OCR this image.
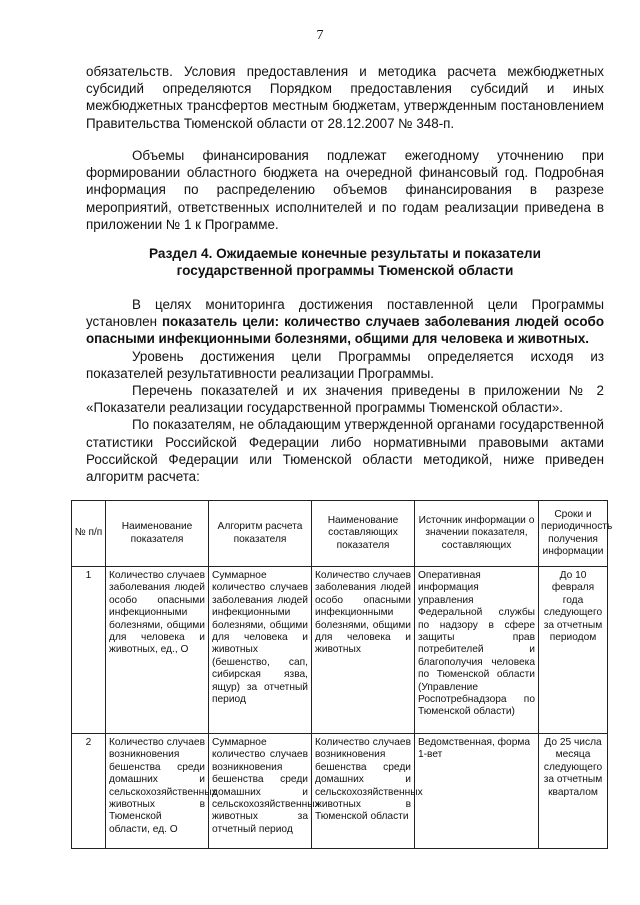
7
обязательств. Условия предоставления и методика расчета межбюджетных субсидий определяются Порядком предоставления субсидий и иных межбюджетных трансфертов местным бюджетам, утвержденным постановлением Правительства Тюменской области от 28.12.2007 № 348-п.
Объемы финансирования подлежат ежегодному уточнению при формировании областного бюджета на очередной финансовый год. Подробная информация по распределению объемов финансирования в разрезе мероприятий, ответственных исполнителей и по годам реализации приведена в приложении № 1 к Программе.
Раздел 4. Ожидаемые конечные результаты и показатели
государственной программы Тюменской области
В целях мониторинга достижения поставленной цели Программы установлен показатель цели: количество случаев заболевания людей особо опасными инфекционными болезнями, общими для человека и животных.
Уровень достижения цели Программы определяется исходя из показателей результативности реализации Программы.
Перечень показателей и их значения приведены в приложении № 2 «Показатели реализации государственной программы Тюменской области».
По показателям, не обладающим утвержденной органами государственной статистики Российской Федерации либо нормативными правовыми актами Российской Федерации или Тюменской области методикой, ниже приведен алгоритм расчета:
№ п/п	Наименование показателя	Алгоритм расчета показателя	Наименование составляющих показателя	Источник информации о значении показателя, составляющих	Сроки и периодичность получения информации
1	Количество случаев заболевания людей особо опасными инфекционными болезнями, общими для человека и животных, ед., О	Суммарное количество случаев заболевания людей инфекционными болезнями, общими для человека и животных (бешенство, сап, сибирская язва, ящур) за отчетный период	Количество случаев заболевания людей особо опасными инфекционными болезнями, общими для человека и животных	Оперативная информация управления Федеральной службы по надзору в сфере защиты прав потребителей и благополучия человека по Тюменской области (Управление Роспотребнадзора по Тюменской области)	До 10 февраля года следующего за отчетным периодом
2	Количество случаев возникновения бешенства среди домашних и сельскохозяйственных животных в Тюменской области, ед. О	Суммарное количество случаев возникновения бешенства среди домашних и сельскохозяйственных животных за отчетный период	Количество случаев возникновения бешенства среди домашних и сельскохозяйственных животных в Тюменской области	Ведомственная, форма 1-вет	До 25 числа месяца следующего за отчетным кварталом
